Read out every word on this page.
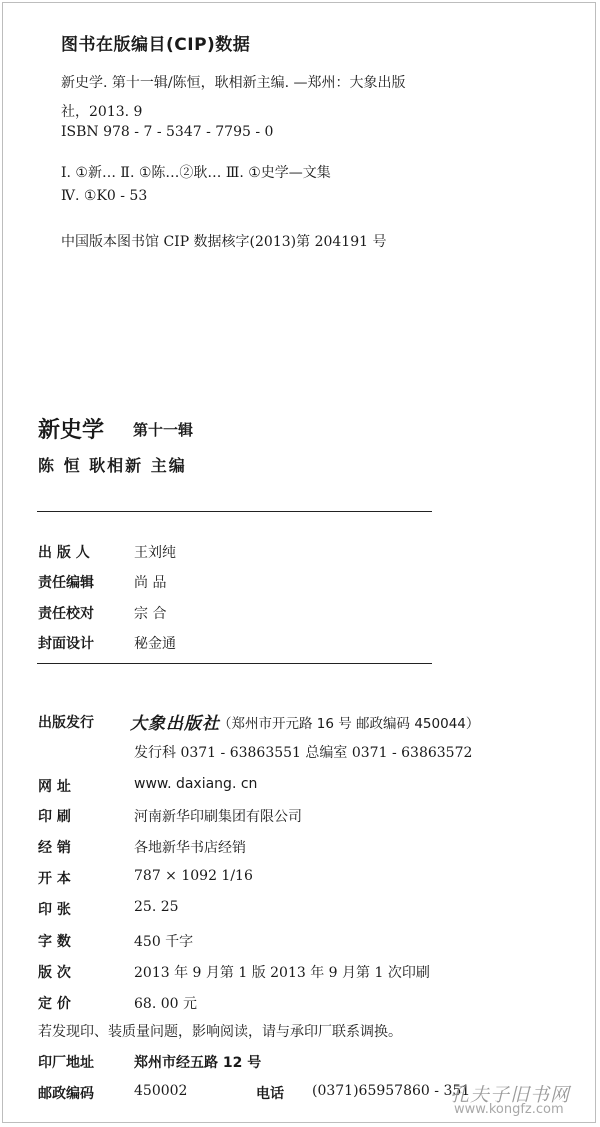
图书在版编目(CIP)数据
新史学. 第十一辑/陈恒，耿相新主编. —郑州：大象出版
社，2013. 9
ISBN 978 - 7 - 5347 - 7795 - 0
Ⅰ. ①新… Ⅱ. ①陈…②耿… Ⅲ. ①史学—文集
Ⅳ. ①K0 - 53
中国版本图书馆 CIP 数据核字(2013)第 204191 号
新史学 第十一辑
陈 恒 耿相新 主编
出 版 人	王刘纯
责任编辑	尚 品
责任校对	宗 合
封面设计	秘金通
出版发行 大象出版社
（郑州市开元路 16 号 邮政编码 450044）
发行科 0371 - 63863551 总编室 0371 - 63863572
网 址	www. daxiang. cn
印 刷	河南新华印刷集团有限公司
经 销	各地新华书店经销
开 本	787 × 1092 1/16
印 张	25. 25
字 数	450 千字
版 次	2013 年 9 月第 1 版 2013 年 9 月第 1 次印刷
定 价	68. 00 元
若发现印、装质量问题，影响阅读，请与承印厂联系调换。
印厂地址	郑州市经五路 12 号
邮政编码	450002	电话 (0371)65957860 - 351
孔夫子旧书网
www.kongfz.com
